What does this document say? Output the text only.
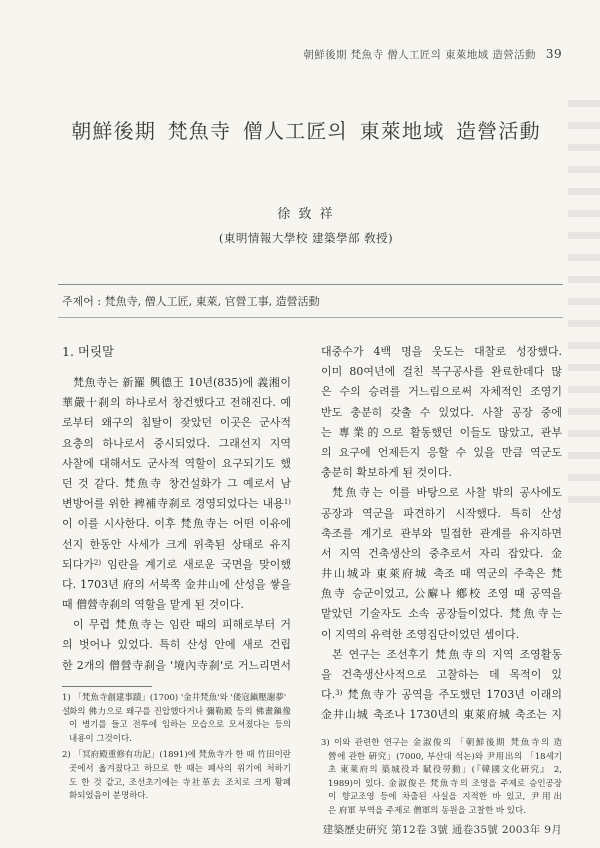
朝鮮後期 梵魚寺 僧人工匠의 東萊地域 造營活動 39
朝鮮後期 梵魚寺 僧人工匠의 東萊地域 造營活動
徐 致 祥
(東明情報大學校 建築學部 敎授)
주제어 : 梵魚寺, 僧人工匠, 東萊, 官營工事, 造營活動
1. 머릿말
梵魚寺는 新羅 興德王 10년(835)에 義湘이
華嚴十刹의 하나로서 창건했다고 전해진다. 예
로부터 왜구의 침탈이 잦았던 이곳은 군사적
요충의 하나로서 중시되었다. 그래선지 지역
사찰에 대해서도 군사적 역할이 요구되기도 했
던 것 같다. 梵魚寺 창건설화가 그 예로서 남
변방어를 위한 裨補寺刹로 경영되었다는 내용$^{1)}$
이 이를 시사한다. 이후 梵魚寺는 어떤 이유에
선지 한동안 사세가 크게 위축된 상태로 유지
되다가$^{2)}$ 임란을 계기로 새로운 국면을 맞이했
다. 1703년 府의 서북쪽 金井山에 산성을 쌓을
때 僧營寺刹의 역할을 맡게 된 것이다.
이 무렵 梵魚寺는 임란 때의 피해로부터 거
의 벗어나 있었다. 특히 산성 안에 새로 건립
한 2개의 僧營寺刹을 '境內寺刹'로 거느리면서
대중수가 4백 명을 웃도는 대찰로 성장했다.
이미 80여년에 걸친 복구공사를 완료한데다 많
은 수의 승려를 거느림으로써 자체적인 조영기
반도 충분히 갖출 수 있었다. 사찰 공장 중에
는 專業的으로 활동했던 이들도 많았고, 관부
의 요구에 언제든지 응할 수 있을 만큼 역군도
충분히 확보하게 된 것이다.
梵魚寺는 이를 바탕으로 사찰 밖의 공사에도
공장과 역군을 파견하기 시작했다. 특히 산성
축조를 계기로 관부와 밀접한 관계를 유지하면
서 지역 건축생산의 중추로서 자리 잡았다. 金
井山城과 東萊府城 축조 때 역군의 주축은 梵
魚寺 승군이었고, 公廨나 鄕校 조영 때 공역을
맡았던 기술자도 소속 공장들이었다. 梵魚寺는
이 지역의 유력한 조영집단이었던 셈이다.
본 연구는 조선후기 梵魚寺의 지역 조영활동
을 건축생산사적으로 고찰하는 데 목적이 있
다.$^{3)}$ 梵魚寺가 공역을 주도했던 1703년 이래의
金井山城 축조나 1730년의 東萊府城 축조는 지
1) 「梵魚寺創建事蹟」(1700) '金井梵魚'와 '倭寇鎭壓謝夢' 설
화의 佛力으로 왜구를 진압했다거나 彌勒殿 등의 佛畫鎭像
이 병기를 들고 전투에 임하는 모습으로 모셔졌다는 등의
내용이 그것이다.
2) 「冥府殿重修有功記」(1891)에 梵魚寺가 한 때 竹田이란
곳에서 옮겨졌다고 하므로 한 때는 폐사의 위기에 처하기
도 한 것 같고, 조선초기에는 寺社革去 조치로 크게 황폐
화되었음이 분명하다.
3) 이와 관련한 연구는 金淑俊의 「朝鮮後期 梵魚寺의 造
營에 관한 硏究」(7000, 부산대 석논)와 尹用出의 「18세기
초 東萊府의 築城役과 賦役勞動」(『韓國文化硏究』 2,
1989)이 있다. 金淑俊은 梵魚寺의 조영을 주제로 승인공장
이 향교조영 등에 차출된 사실을 지적한 바 있고, 尹用出
은 府軍 부역을 주제로 僧軍의 동원을 고찰한 바 있다.
建築歷史硏究 第12卷 3號 通卷35號 2003年 9月
